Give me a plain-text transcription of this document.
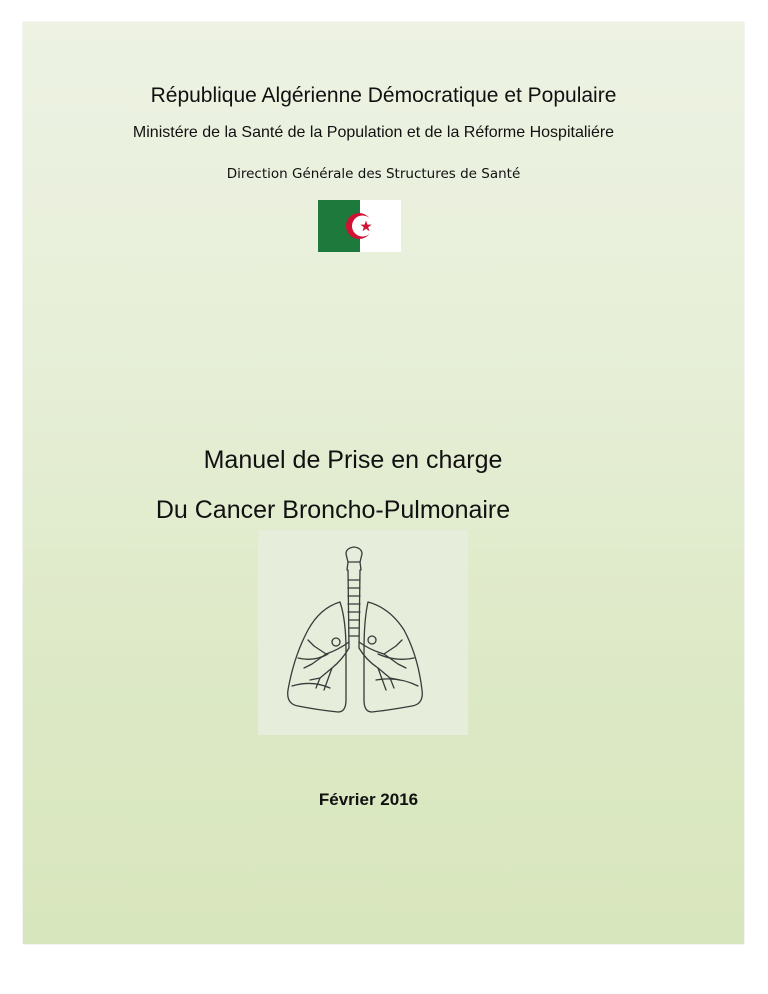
République Algérienne Démocratique et Populaire

Ministére de la Santé de la Population et de la Réforme Hospitaliére

Direction Générale des Structures de Santé

Manuel de Prise en charge

Du Cancer Broncho-Pulmonaire

Février 2016
